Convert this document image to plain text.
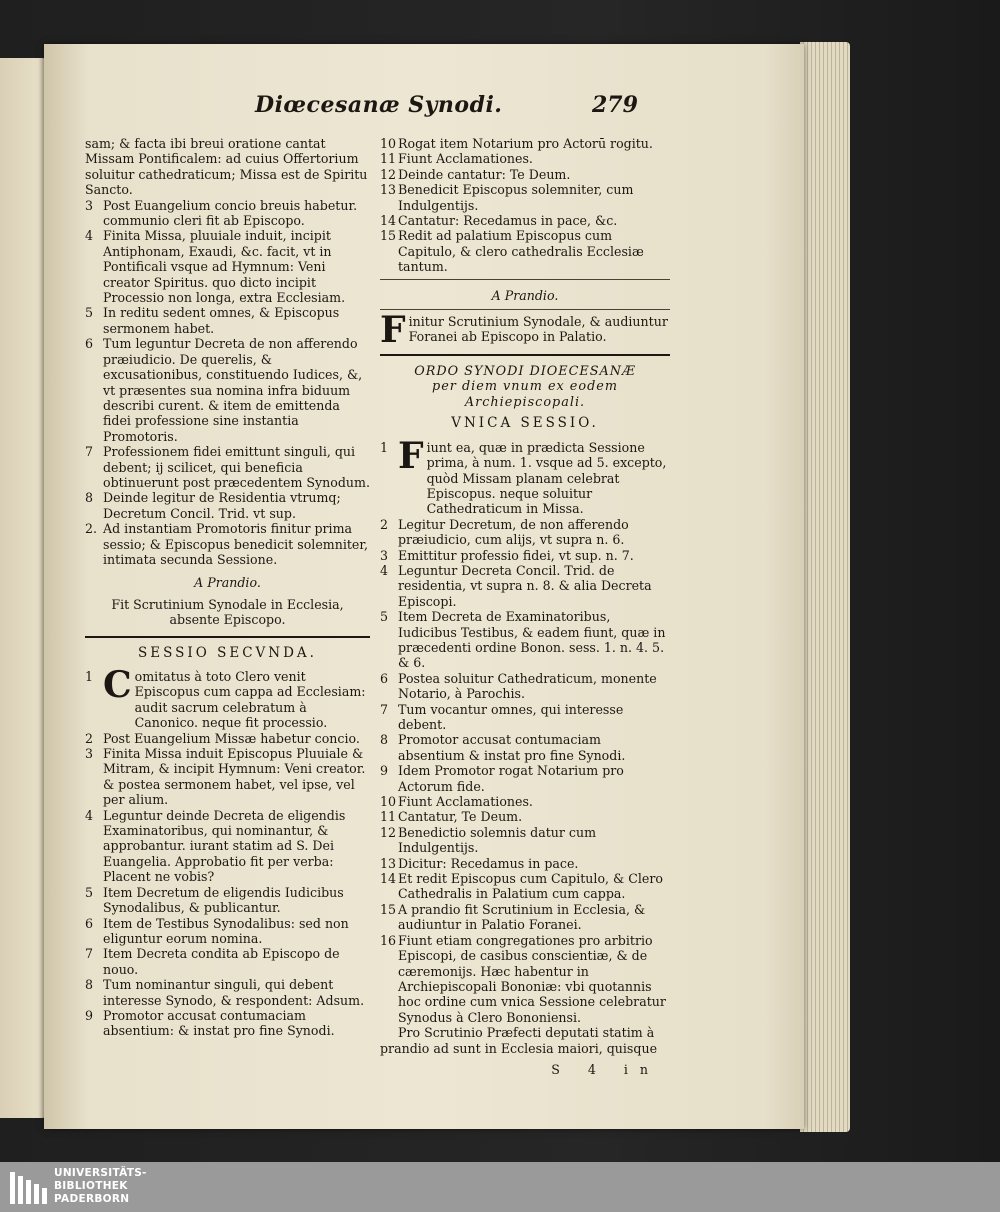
Diœcesanæ Synodi.	279
sam; & facta ibi breui oratione cantat Missam Pontificalem: ad cuius Offertorium soluitur cathedraticum; Missa est de Spiritu Sancto.
3 Post Euangelium concio breuis habetur. communio cleri fit ab Episcopo.
4 Finita Missa, pluuiale induit, incipit Antiphonam, Exaudi, &c. facit, vt in Pontificali vsque ad Hymnum: Veni creator Spiritus. quo dicto incipit Processio non longa, extra Ecclesiam.
5 In reditu sedent omnes, & Episcopus sermonem habet.
6 Tum leguntur Decreta de non afferendo præiudicio. De querelis, & excusationibus, constituendo Iudices, &, vt præsentes sua nomina infra biduum describi curent. & item de emittenda fidei professione sine instantia Promotoris.
7 Professionem fidei emittunt singuli, qui debent; ij scilicet, qui beneficia obtinuerunt post præcedentem Synodum.
8 Deinde legitur de Residentia vtrumq; Decretum Concil. Trid. vt sup.
2. Ad instantiam Promotoris finitur prima sessio; & Episcopus benedicit solemniter, intimata secunda Sessione.
A Prandio.
Fit Scrutinium Synodale in Ecclesia, absente Episcopo.
SESSIO SECVNDA.
1 C omitatus à toto Clero venit Episcopus cum cappa ad Ecclesiam: audit sacrum celebratum à Canonico. neque fit processio.
2 Post Euangelium Missæ habetur concio.
3 Finita Missa induit Episcopus Pluuiale & Mitram, & incipit Hymnum: Veni creator. & postea sermonem habet, vel ipse, vel per alium.
4 Leguntur deinde Decreta de eligendis Examinatoribus, qui nominantur, & approbantur. iurant statim ad S. Dei Euangelia. Approbatio fit per verba: Placent ne vobis?
5 Item Decretum de eligendis Iudicibus Synodalibus, & publicantur.
6 Item de Testibus Synodalibus: sed non eliguntur eorum nomina.
7 Item Decreta condita ab Episcopo de nouo.
8 Tum nominantur singuli, qui debent interesse Synodo, & respondent: Adsum.
9 Promotor accusat contumaciam absentium: & instat pro fine Synodi.
10 Rogat item Notarium pro Actorū rogitu.
11 Fiunt Acclamationes.
12 Deinde cantatur: Te Deum.
13 Benedicit Episcopus solemniter, cum Indulgentijs.
14 Cantatur: Recedamus in pace, &c.
15 Redit ad palatium Episcopus cum Capitulo, & clero cathedralis Ecclesiæ tantum.
A Prandio.
F initur Scrutinium Synodale, & audiuntur Foranei ab Episcopo in Palatio.
ORDO SYNODI DIOECESANÆ
per diem vnum ex eodem Archiepiscopali.
VNICA SESSIO.
1 F iunt ea, quæ in prædicta Sessione prima, à num. 1. vsque ad 5. excepto, quòd Missam planam celebrat Episcopus. neque soluitur Cathedraticum in Missa.
2 Legitur Decretum, de non afferendo præiudicio, cum alijs, vt supra n. 6.
3 Emittitur professio fidei, vt sup. n. 7.
4 Leguntur Decreta Concil. Trid. de residentia, vt supra n. 8. & alia Decreta Episcopi.
5 Item Decreta de Examinatoribus, Iudicibus Testibus, & eadem fiunt, quæ in præcedenti ordine Bonon. sess. 1. n. 4. 5. & 6.
6 Postea soluitur Cathedraticum, monente Notario, à Parochis.
7 Tum vocantur omnes, qui interesse debent.
8 Promotor accusat contumaciam absentium & instat pro fine Synodi.
9 Idem Promotor rogat Notarium pro Actorum fide.
10 Fiunt Acclamationes.
11 Cantatur, Te Deum.
12 Benedictio solemnis datur cum Indulgentijs.
13 Dicitur: Recedamus in pace.
14 Et redit Episcopus cum Capitulo, & Clero Cathedralis in Palatium cum cappa.
15 A prandio fit Scrutinium in Ecclesia, & audiuntur in Palatio Foranei.
16 Fiunt etiam congregationes pro arbitrio Episcopi, de casibus conscientiæ, & de cæremonijs. Hæc habentur in Archiepiscopali Bononiæ: vbi quotannis hoc ordine cum vnica Sessione celebratur Synodus à Clero Bononiensi.
Pro Scrutinio Præfecti deputati statim à prandio ad sunt in Ecclesia maiori, quisque
S 4 in
UNIVERSITÄTS-
BIBLIOTHEK
PADERBORN
